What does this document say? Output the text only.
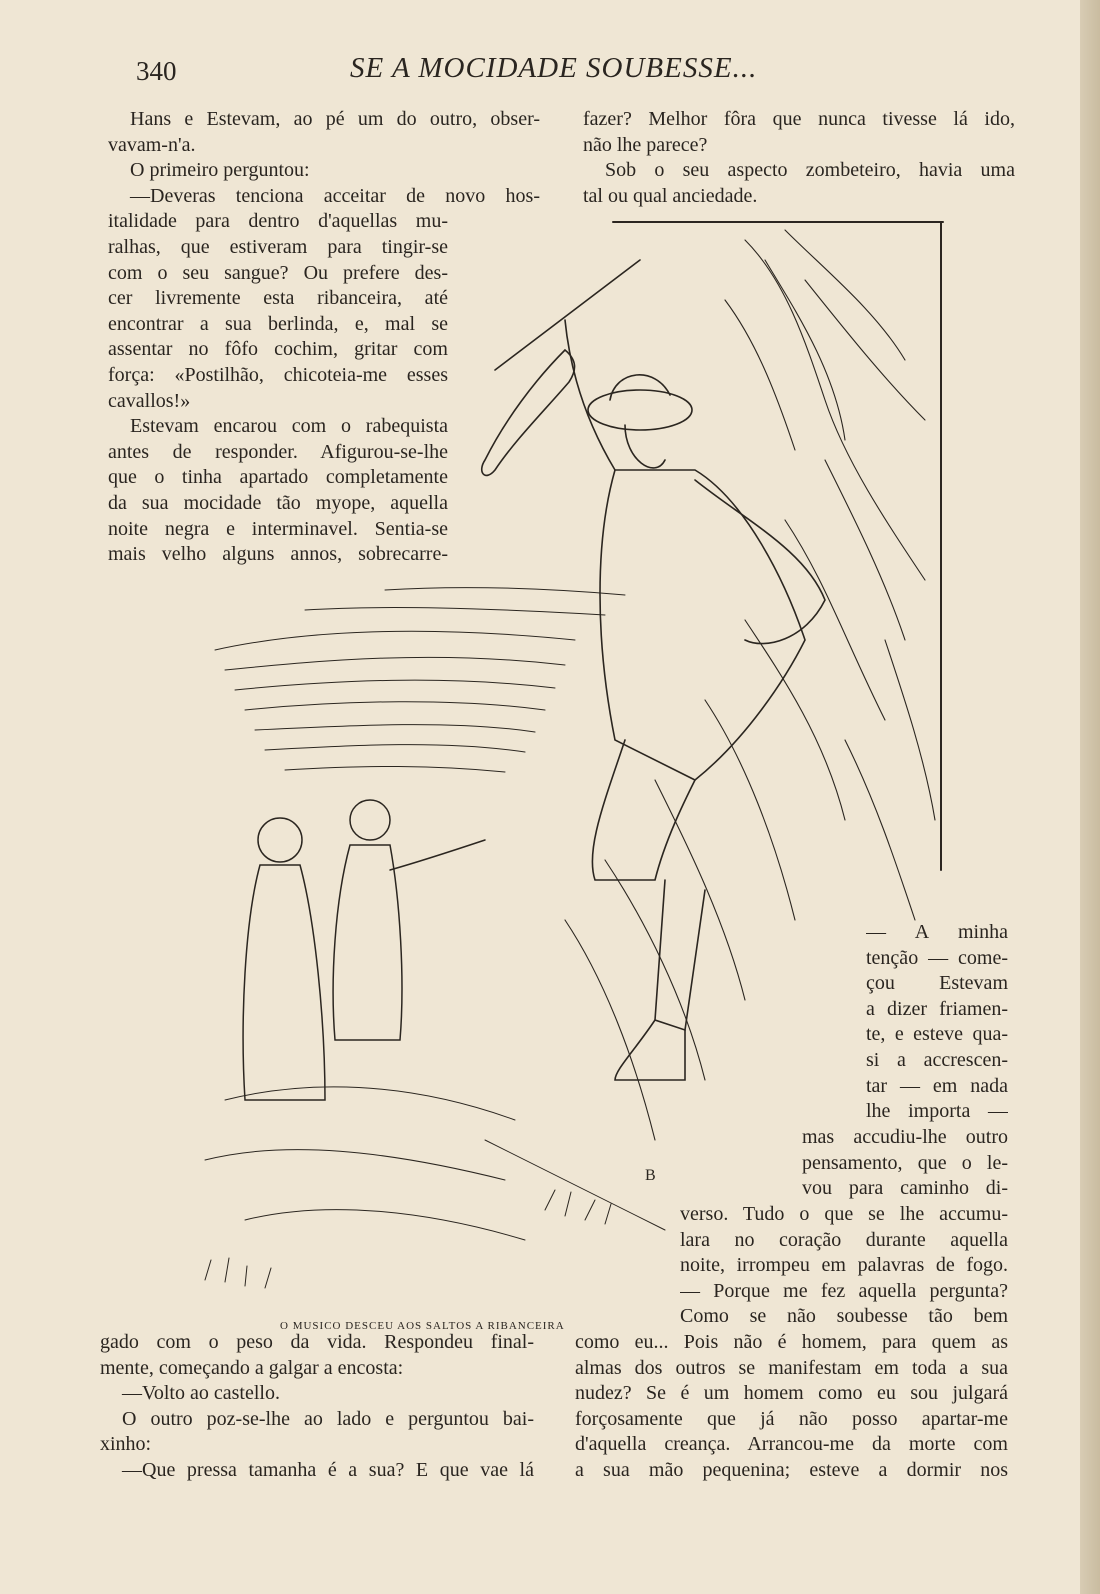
340	SE A MOCIDADE SOUBESSE...
Hans e Estevam, ao pé um do outro, obser-
vavam-n'a.
O primeiro perguntou:
—Deveras tenciona acceitar de novo hos-
italidade para dentro d'aquellas mu-
ralhas, que estiveram para tingir-se
com o seu sangue? Ou prefere des-
cer livremente esta ribanceira, até
encontrar a sua berlinda, e, mal se
assentar no fôfo cochim, gritar com
força: «Postilhão, chicoteia-me esses
cavallos!»
Estevam encarou com o rabequista
antes de responder. Afigurou-se-lhe
que o tinha apartado completamente
da sua mocidade tão myope, aquella
noite negra e interminavel. Sentia-se
mais velho alguns annos, sobrecarre-
fazer? Melhor fôra que nunca tivesse lá ido,
não lhe parece?
Sob o seu aspecto zombeteiro, havia uma
tal ou qual anciedade.
B
— A minha
tenção — come-
çou Estevam
a dizer friamen-
te, e esteve qua-
si a accrescen-
tar — em nada
lhe importa —
mas accudiu-lhe outro
pensamento, que o le-
vou para caminho di-
verso. Tudo o que se lhe accumu-
lara no coração durante aquella
noite, irrompeu em palavras de fogo.
— Porque me fez aquella pergunta?
Como se não soubesse tão bem
O MUSICO DESCEU AOS SALTOS A RIBANCEIRA
como eu... Pois não é homem, para quem as
almas dos outros se manifestam em toda a sua
nudez? Se é um homem como eu sou julgará
forçosamente que já não posso apartar-me
d'aquella creança. Arrancou-me da morte com
a sua mão pequenina; esteve a dormir nos
gado com o peso da vida. Respondeu final-
mente, começando a galgar a encosta:
—Volto ao castello.
O outro poz-se-lhe ao lado e perguntou bai-
xinho:
—Que pressa tamanha é a sua? E que vae lá
